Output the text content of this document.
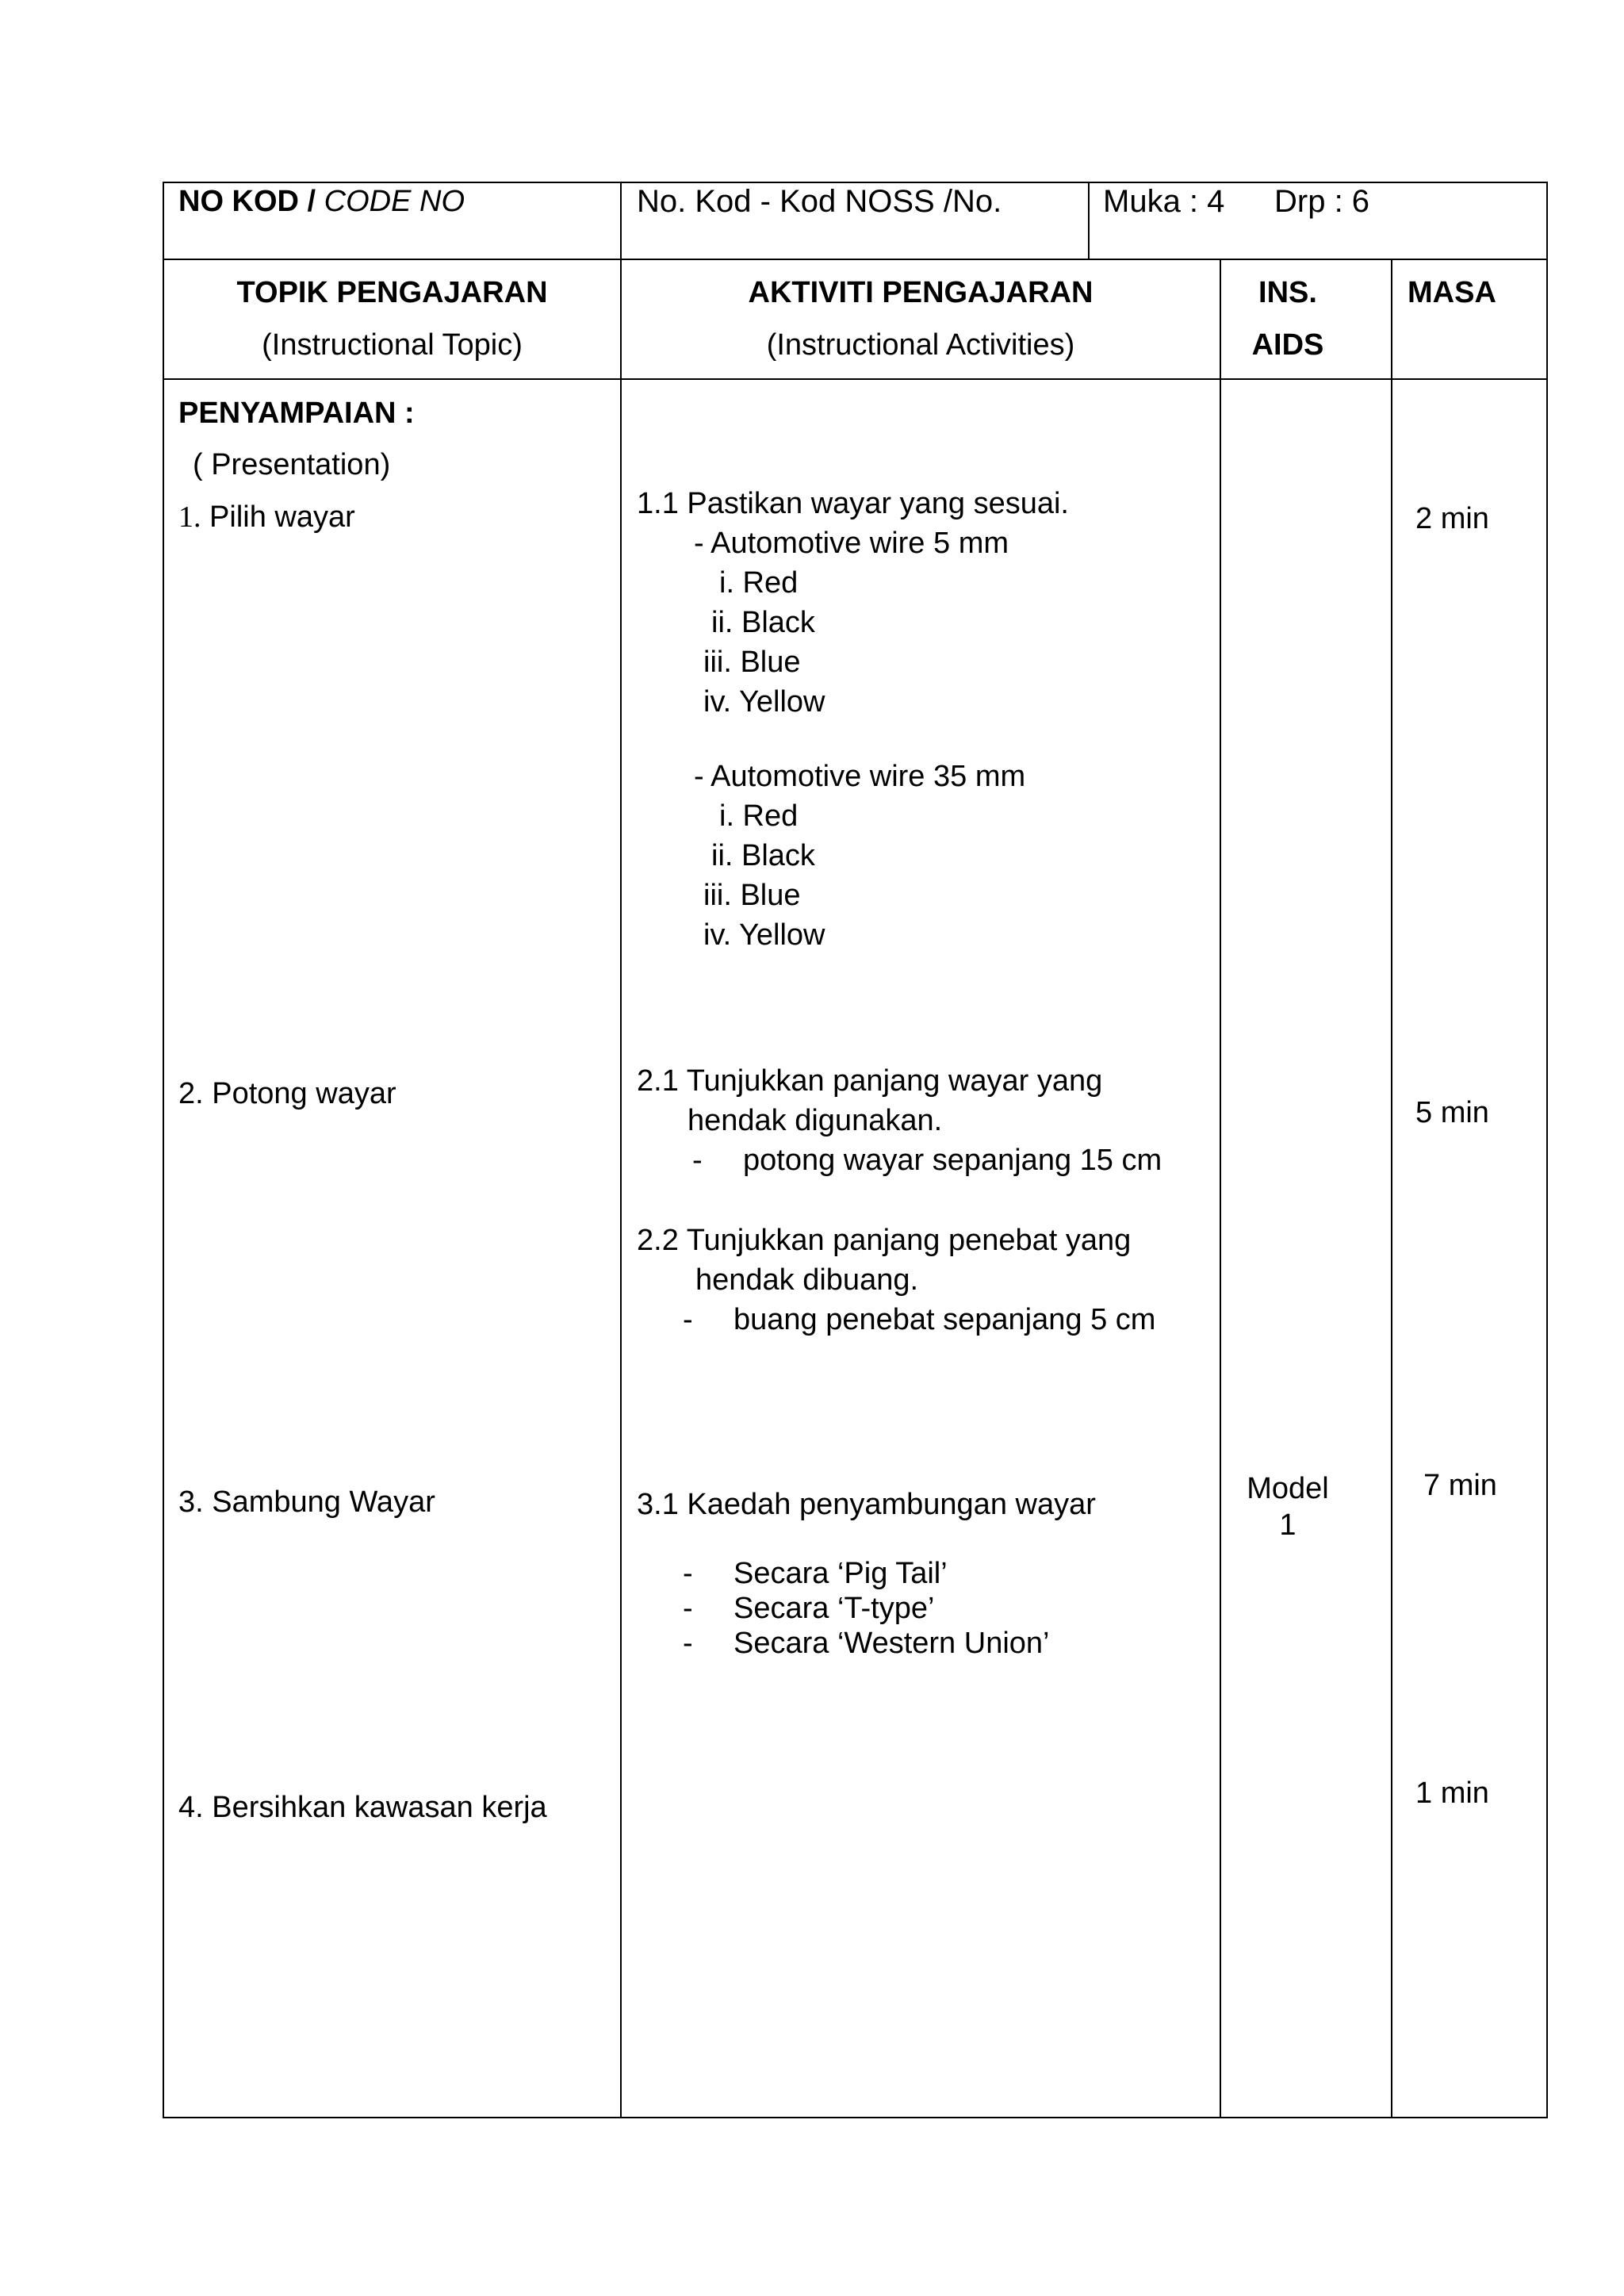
NO KOD / CODE NO	No. Kod - Kod NOSS /No.	Muka : 4 Drp : 6
TOPIK PENGAJARAN
(Instructional Topic)
AKTIVITI PENGAJARAN
(Instructional Activities)
INS.
AIDS
MASA
PENYAMPAIAN :
( Presentation)
1. Pilih wayar
2. Potong wayar
3. Sambung Wayar
4. Bersihkan kawasan kerja
1.1 Pastikan wayar yang sesuai.
- Automotive wire 5 mm
i. Red
ii. Black
iii. Blue
iv. Yellow
- Automotive wire 35 mm
i. Red
ii. Black
iii. Blue
iv. Yellow
2.1 Tunjukkan panjang wayar yang
hendak digunakan.
- potong wayar sepanjang 15 cm
2.2 Tunjukkan panjang penebat yang
hendak dibuang.
- buang penebat sepanjang 5 cm
3.1 Kaedah penyambungan wayar
- Secara ‘Pig Tail’
- Secara ‘T-type’
- Secara ‘Western Union’
Model
1
2 min
5 min
7 min
1 min
